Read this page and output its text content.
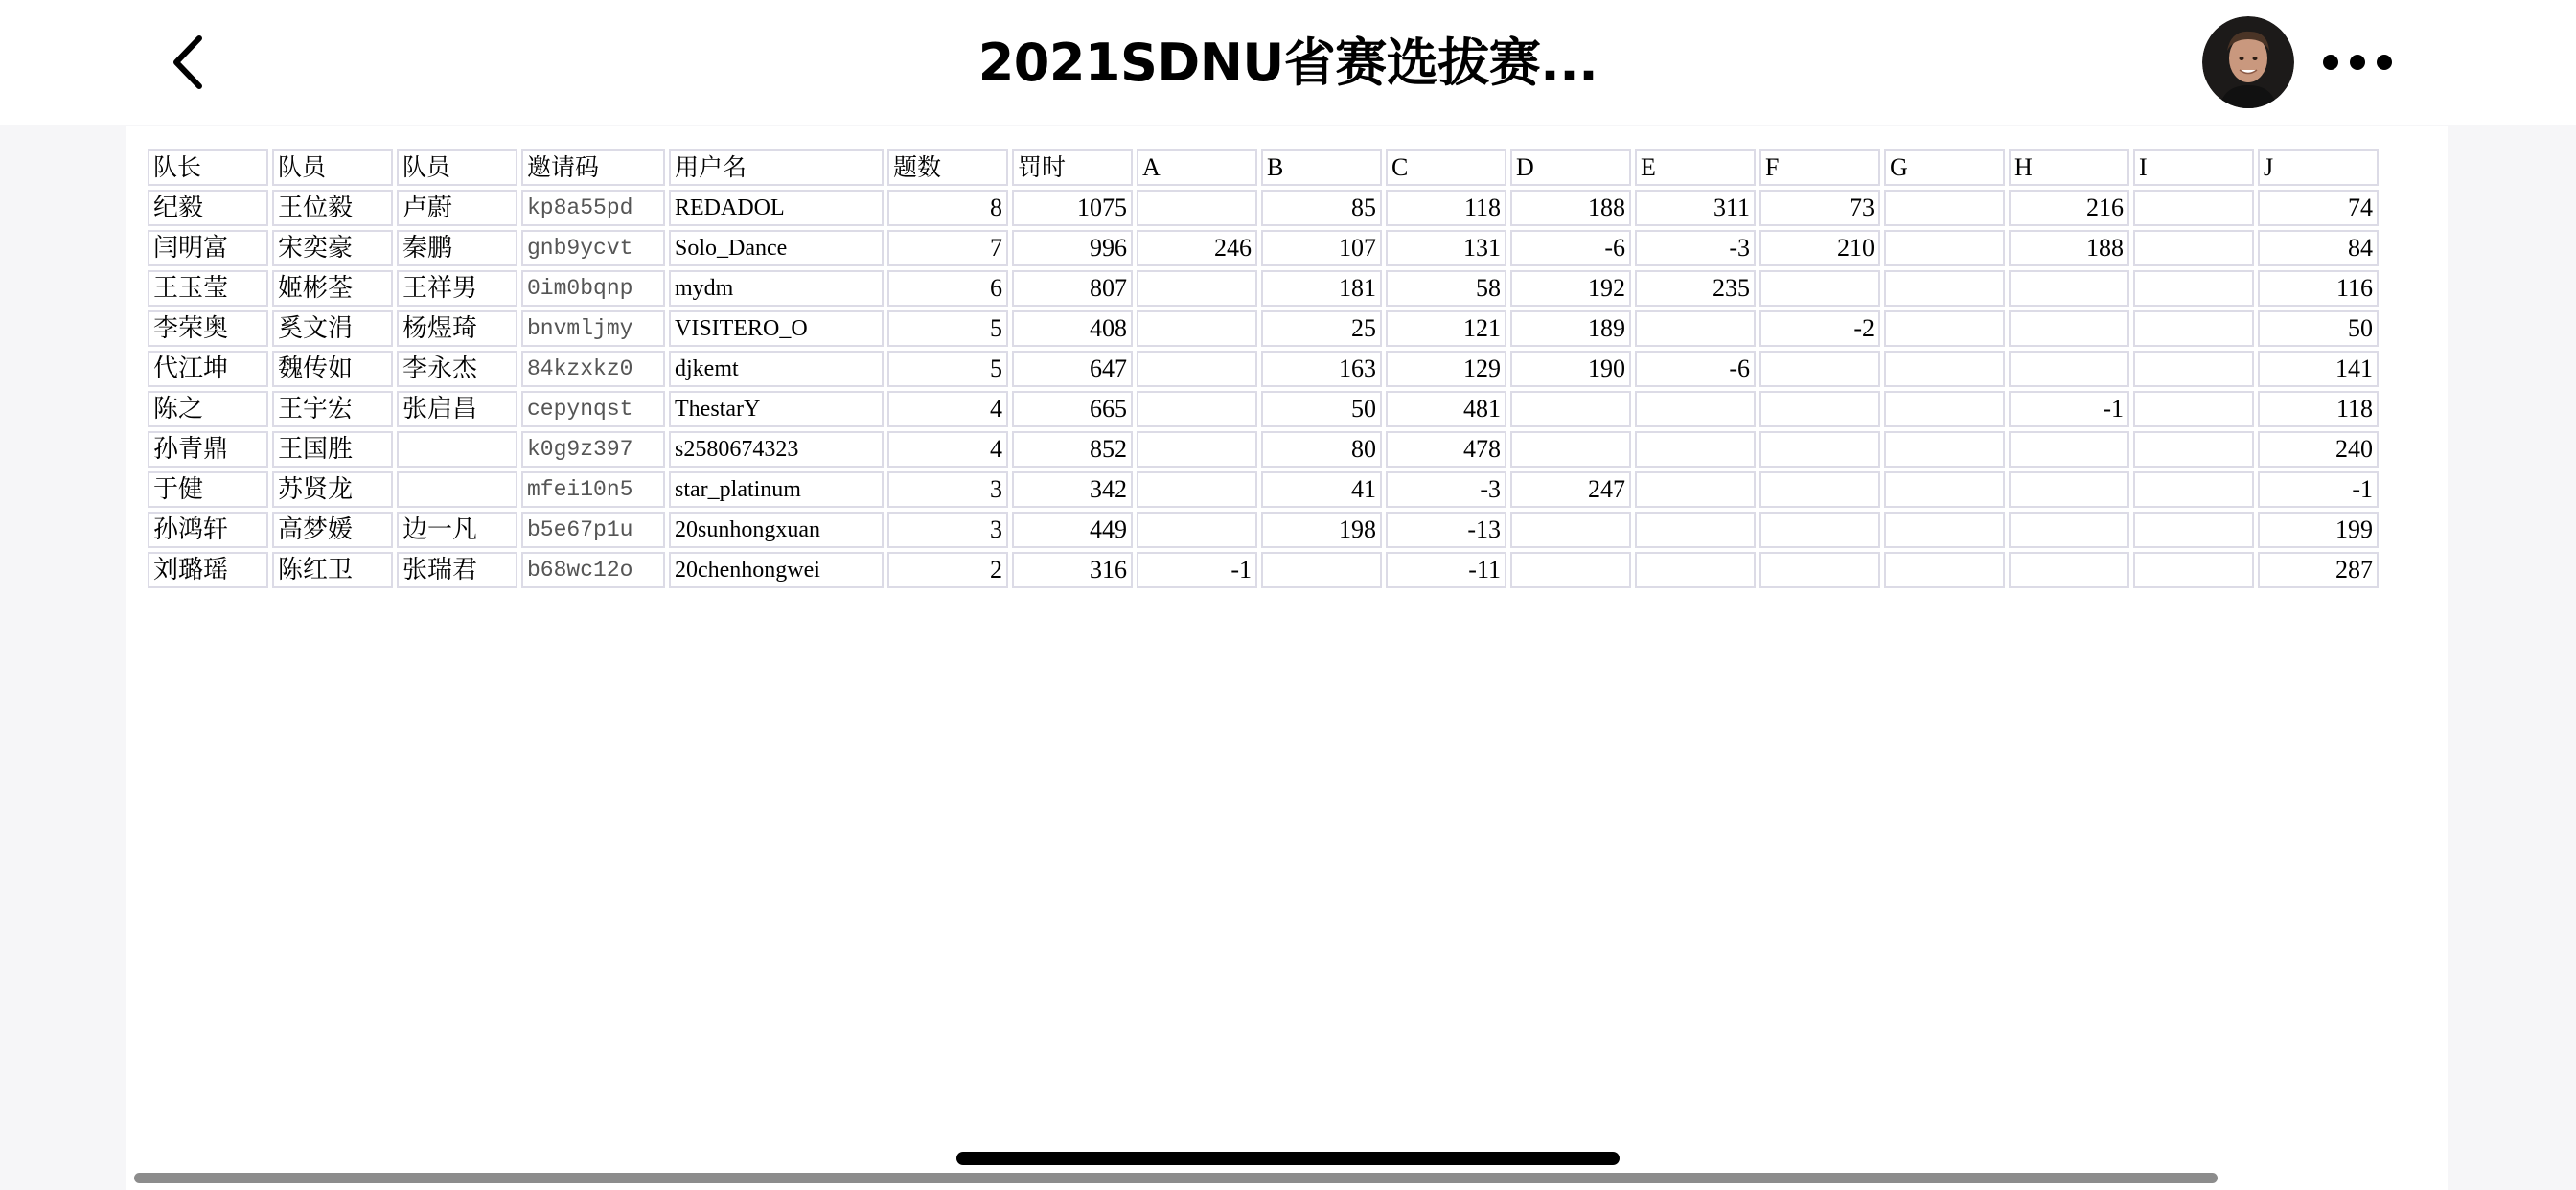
2021SDNU省赛选拔赛...
队长	队员	队员	邀请码	用户名	题数	罚时	A	B	C	D	E	F	G	H	I	J
纪毅	王位毅	卢蔚	kp8a55pd	REDADOL	8	1075		85	118	188	311	73		216		74
闫明富	宋奕豪	秦鹏	gnb9ycvt	Solo_Dance	7	996	246	107	131	-6	-3	210		188		84
王玉莹	姬彬荃	王祥男	0im0bqnp	mydm	6	807		181	58	192	235					116
李荣奥	奚文涓	杨煜琦	bnvmljmy	VISITERO_O	5	408		25	121	189		-2				50
代江坤	魏传如	李永杰	84kzxkz0	djkemt	5	647		163	129	190	-6					141
陈之	王宇宏	张启昌	cepynqst	ThestarY	4	665		50	481					-1		118
孙青鼎	王国胜		k0g9z397	s2580674323	4	852		80	478							240
于健	苏贤龙		mfei10n5	star_platinum	3	342		41	-3	247						-1
孙鸿轩	高梦媛	边一凡	b5e67p1u	20sunhongxuan	3	449		198	-13							199
刘璐瑶	陈红卫	张瑞君	b68wc12o	20chenhongwei	2	316	-1		-11							287
